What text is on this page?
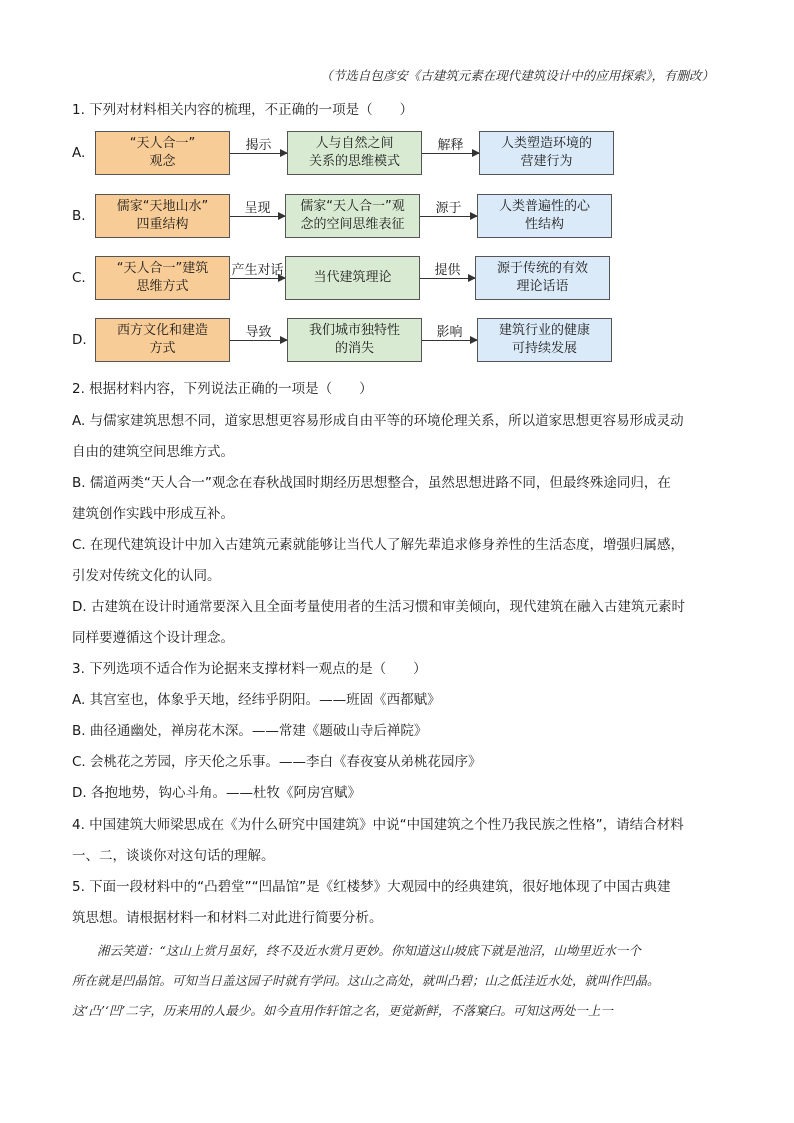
（节选自包彦安《古建筑元素在现代建筑设计中的应用探索》，有删改）
1. 下列对材料相关内容的梳理，不正确的一项是（　　）
A.
“天人合一”
观念
揭示	人与自然之间
关系的思维模式
解释	人类塑造环境的
营建行为
B.
儒家“天地山水”
四重结构
呈现	儒家“天人合一”观
念的空间思维表征
源于	人类普遍性的心
性结构
C.
“天人合一”建筑
思维方式
产生对话	当代建筑理论	提供	源于传统的有效
理论话语
D.
西方文化和建造
方式
导致	我们城市独特性
的消失
影响	建筑行业的健康
可持续发展
2. 根据材料内容，下列说法正确的一项是（　　）
A. 与儒家建筑思想不同，道家思想更容易形成自由平等的环境伦理关系，所以道家思想更容易形成灵动
自由的建筑空间思维方式。
B. 儒道两类“天人合一”观念在春秋战国时期经历思想整合，虽然思想进路不同，但最终殊途同归，在
建筑创作实践中形成互补。
C. 在现代建筑设计中加入古建筑元素就能够让当代人了解先辈追求修身养性的生活态度，增强归属感，
引发对传统文化的认同。
D. 古建筑在设计时通常要深入且全面考量使用者的生活习惯和审美倾向，现代建筑在融入古建筑元素时
同样要遵循这个设计理念。
3. 下列选项不适合作为论据来支撑材料一观点的是（　　）
A. 其宫室也，体象乎天地，经纬乎阴阳。——班固《西都赋》
B. 曲径通幽处，禅房花木深。——常建《题破山寺后禅院》
C. 会桃花之芳园，序天伦之乐事。——李白《春夜宴从弟桃花园序》
D. 各抱地势，钩心斗角。——杜牧《阿房宫赋》
4. 中国建筑大师梁思成在《为什么研究中国建筑》中说“中国建筑之个性乃我民族之性格”，请结合材料
一、二，谈谈你对这句话的理解。
5. 下面一段材料中的“凸碧堂”“凹晶馆”是《红楼梦》大观园中的经典建筑，很好地体现了中国古典建
筑思想。请根据材料一和材料二对此进行简要分析。
　　湘云笑道：“这山上赏月虽好，终不及近水赏月更妙。你知道这山坡底下就是池沼，山坳里近水一个
所在就是凹晶馆。可知当日盖这园子时就有学问。这山之高处，就叫凸碧；山之低洼近水处，就叫作凹晶。
这‘凸’‘凹’二字，历来用的人最少。如今直用作轩馆之名，更觉新鲜，不落窠臼。可知这两处一上一
